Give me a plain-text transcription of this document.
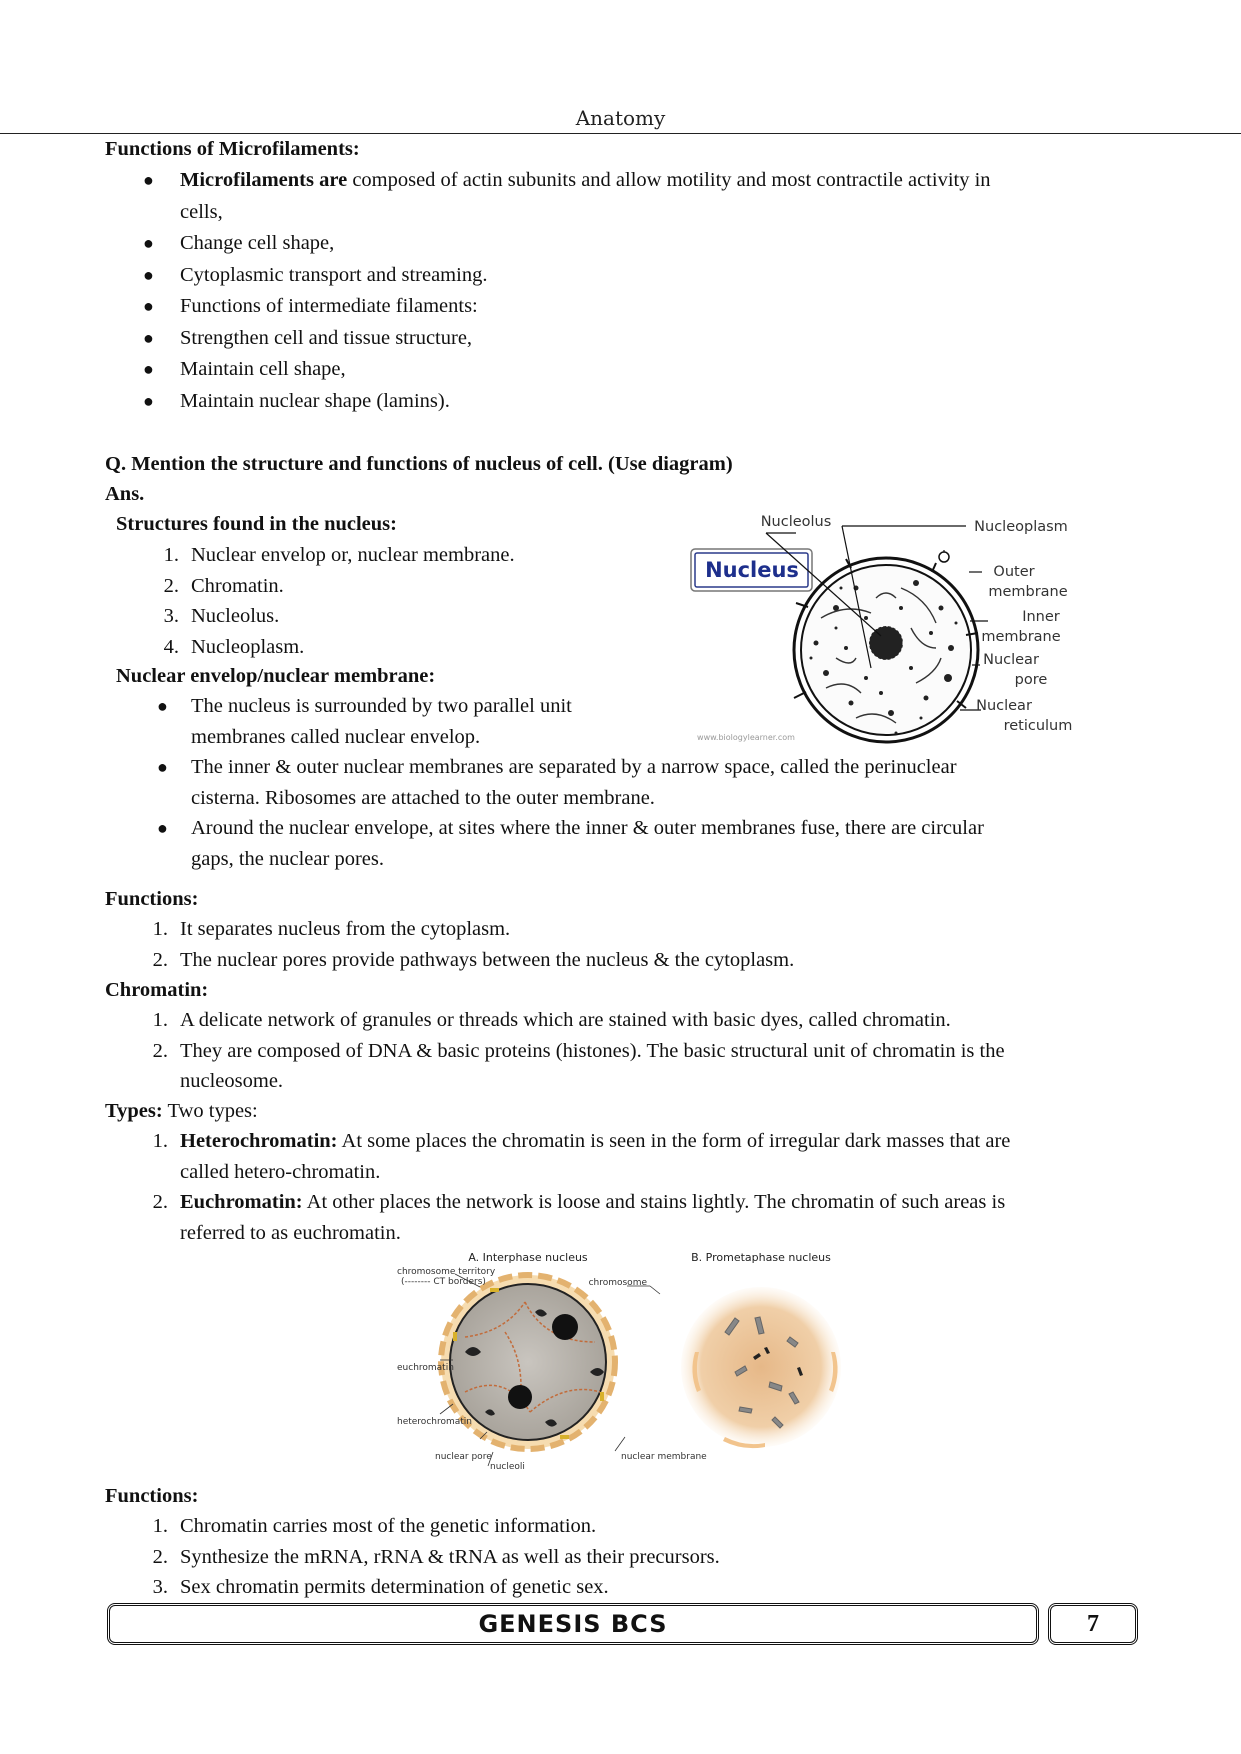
Anatomy
Functions of Microfilaments:
● Microfilaments are composed of actin subunits and allow motility and most contractile activity in
cells,
● Change cell shape,
● Cytoplasmic transport and streaming.
● Functions of intermediate filaments:
● Strengthen cell and tissue structure,
● Maintain cell shape,
● Maintain nuclear shape (lamins).
Q. Mention the structure and functions of nucleus of cell. (Use diagram)
Ans.
Structures found in the nucleus:
1. Nuclear envelop or, nuclear membrane.
2. Chromatin.
3. Nucleolus.
4. Nucleoplasm.
Nuclear envelop/nuclear membrane:
● The nucleus is surrounded by two parallel unit
membranes called nuclear envelop.
● The inner & outer nuclear membranes are separated by a narrow space, called the perinuclear
cisterna. Ribosomes are attached to the outer membrane.
● Around the nuclear envelope, at sites where the inner & outer membranes fuse, there are circular
gaps, the nuclear pores.
Nucleus
Nucleolus	Nucleoplasm
Outer
membrane
Inner
membrane
Nuclear
pore
Nuclear
reticulum
www.biologylearner.com
Functions:
1. It separates nucleus from the cytoplasm.
2. The nuclear pores provide pathways between the nucleus & the cytoplasm.
Chromatin:
1. A delicate network of granules or threads which are stained with basic dyes, called chromatin.
2. They are composed of DNA & basic proteins (histones). The basic structural unit of chromatin is the
nucleosome.
Types: Two types:
1. Heterochromatin: At some places the chromatin is seen in the form of irregular dark masses that are
called hetero-chromatin.
2. Euchromatin: At other places the network is loose and stains lightly. The chromatin of such areas is
referred to as euchromatin.
A. Interphase nucleus	B. Prometaphase nucleus
chromosome territory
(-------- CT borders)	chromosome
euchromatin
heterochromatin
nuclear pore
nucleoli
nuclear membrane
Functions:
1. Chromatin carries most of the genetic information.
2. Synthesize the mRNA, rRNA & tRNA as well as their precursors.
3. Sex chromatin permits determination of genetic sex.
GENESIS BCS	7
